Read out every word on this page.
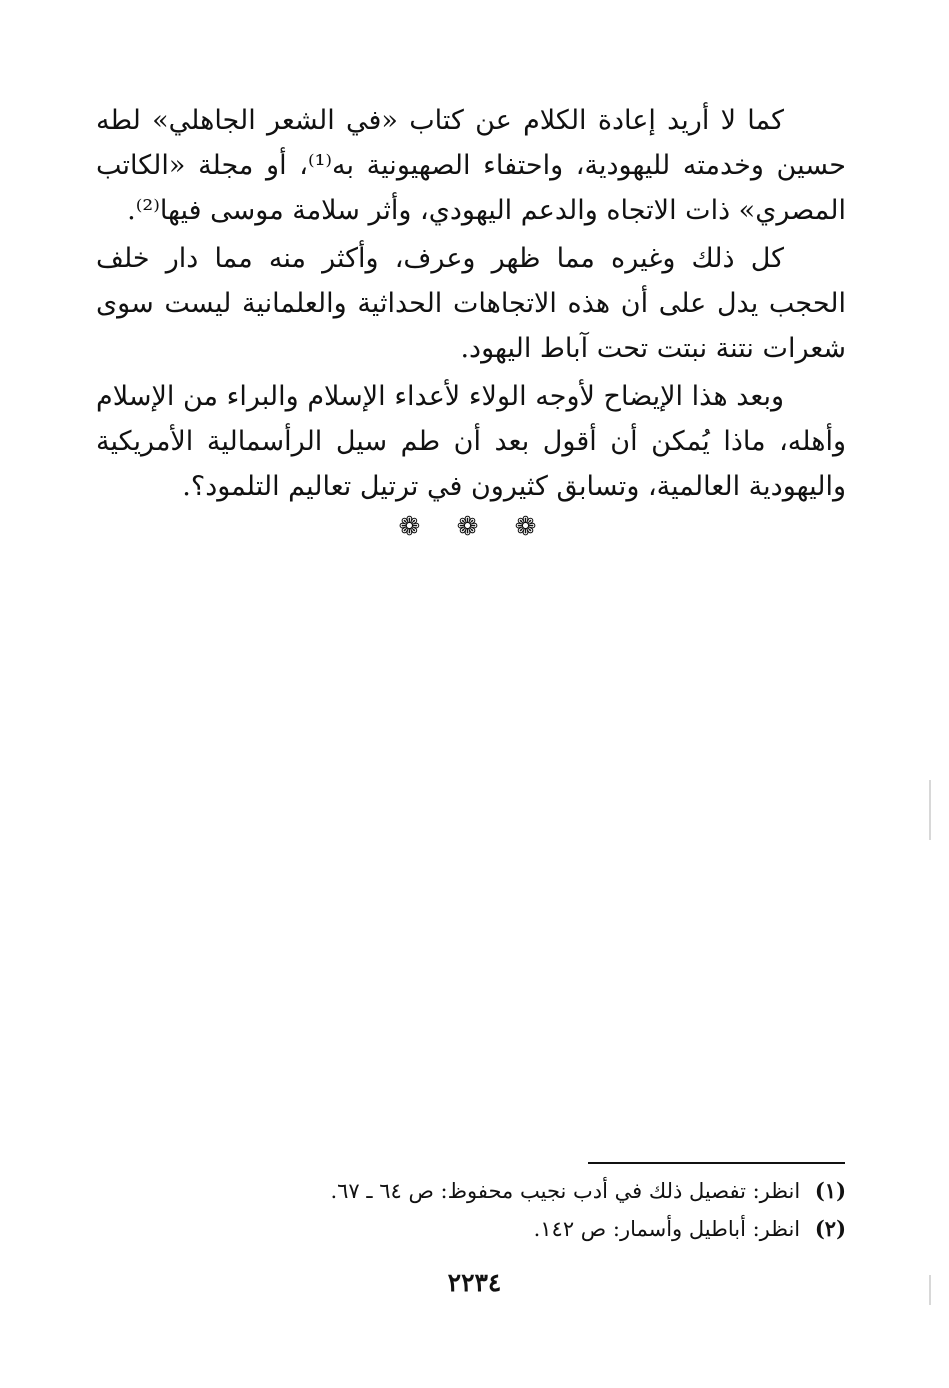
كما لا أريد إعادة الكلام عن كتاب «في الشعر الجاهلي» لطه حسين وخدمته لليهودية، واحتفاء الصهيونية به⁽¹⁾، أو مجلة «الكاتب المصري» ذات الاتجاه والدعم اليهودي، وأثر سلامة موسى فيها⁽²⁾.

كل ذلك وغيره مما ظهر وعرف، وأكثر منه مما دار خلف الحجب يدل على أن هذه الاتجاهات الحداثية والعلمانية ليست سوى شعرات نتنة نبتت تحت آباط اليهود.

وبعد هذا الإيضاح لأوجه الولاء لأعداء الإسلام والبراء من الإسلام وأهله، ماذا يُمكن أن أقول بعد أن طم سيل الرأسمالية الأمريكية واليهودية العالمية، وتسابق كثيرون في ترتيل تعاليم التلمود؟.

❁ ❁ ❁

(١) انظر: تفصيل ذلك في أدب نجيب محفوظ: ص ٦٤ ـ ٦٧.

(٢) انظر: أباطيل وأسمار: ص ١٤٢.

٢٢٣٤
